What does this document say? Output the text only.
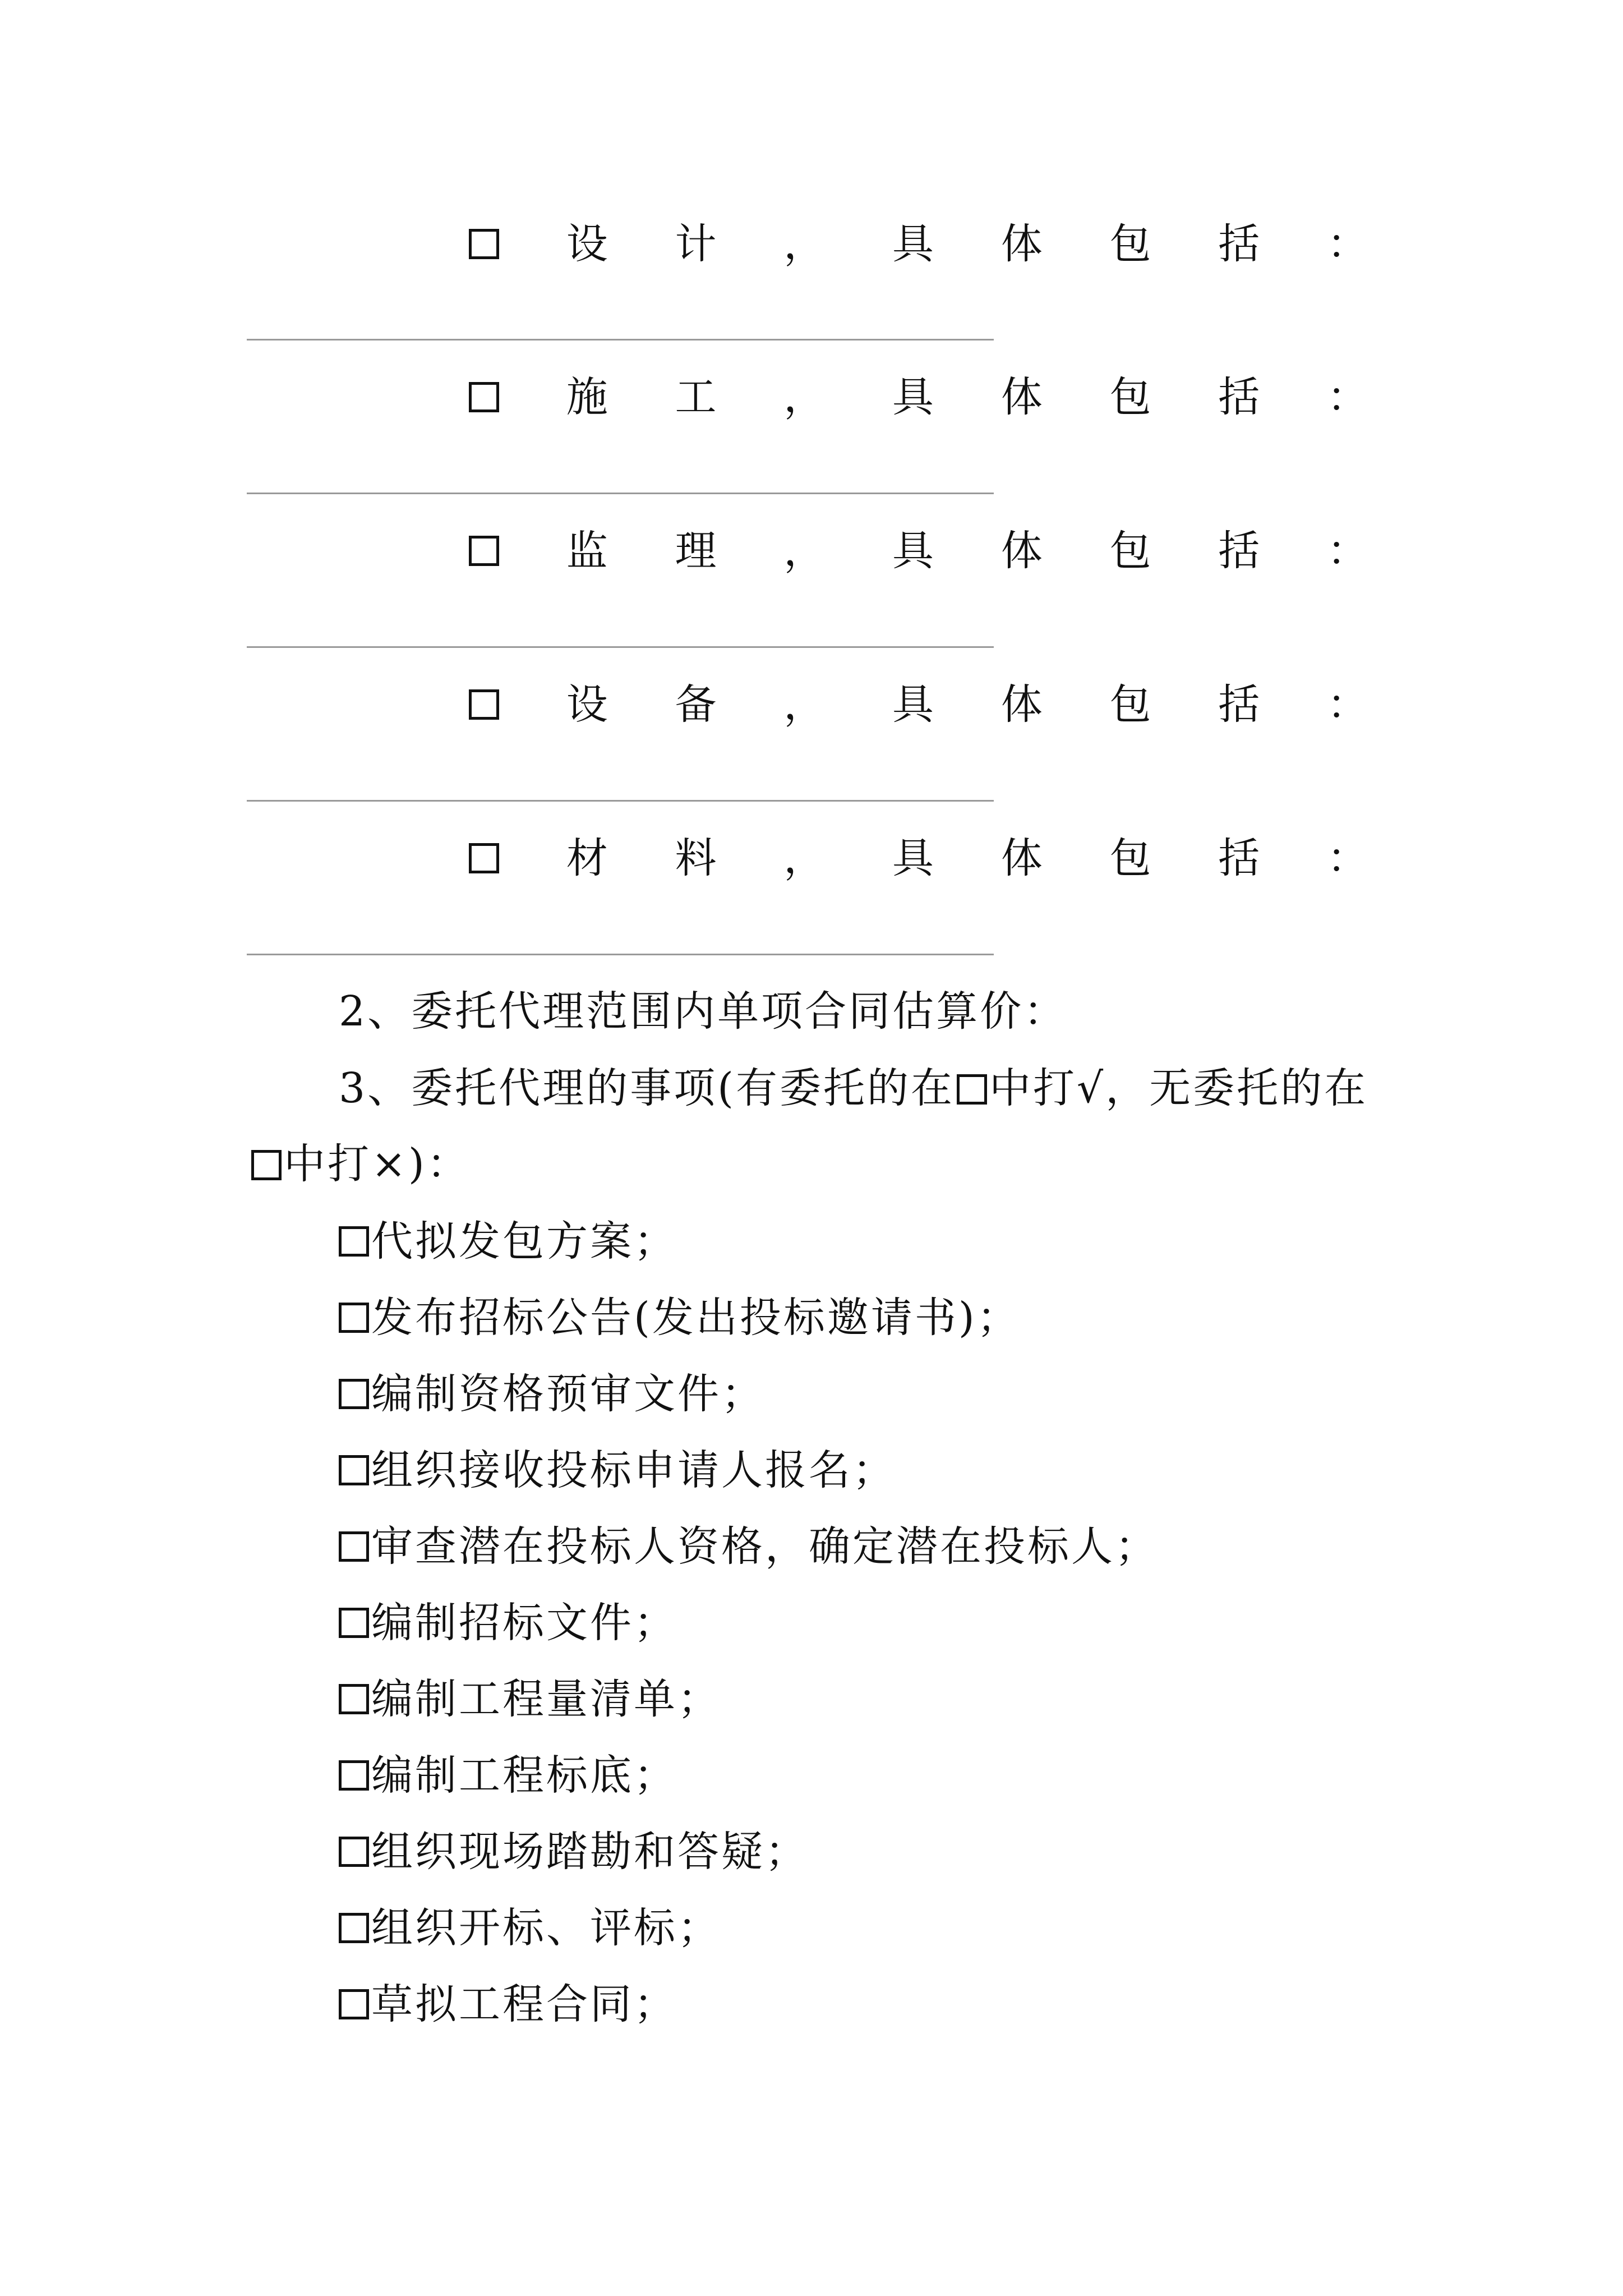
设 计 ， 具 体 包 括 ：
施 工 ， 具 体 包 括 ：
监 理 ， 具 体 包 括 ：
设 备 ， 具 体 包 括 ：
材 料 ， 具 体 包 括 ：
2、委托代理范围内单项合同估算价：
3、委托代理的事项(有委托的在 中打√，无委托的在
中打×)：
代拟发包方案；
发布招标公告(发出投标邀请书)；
编制资格预审文件；
组织接收投标申请人报名；
审查潜在投标人资格，确定潜在投标人；
编制招标文件；
编制工程量清单；
编制工程标底；
组织现场踏勘和答疑；
组织开标、评标；
草拟工程合同；
